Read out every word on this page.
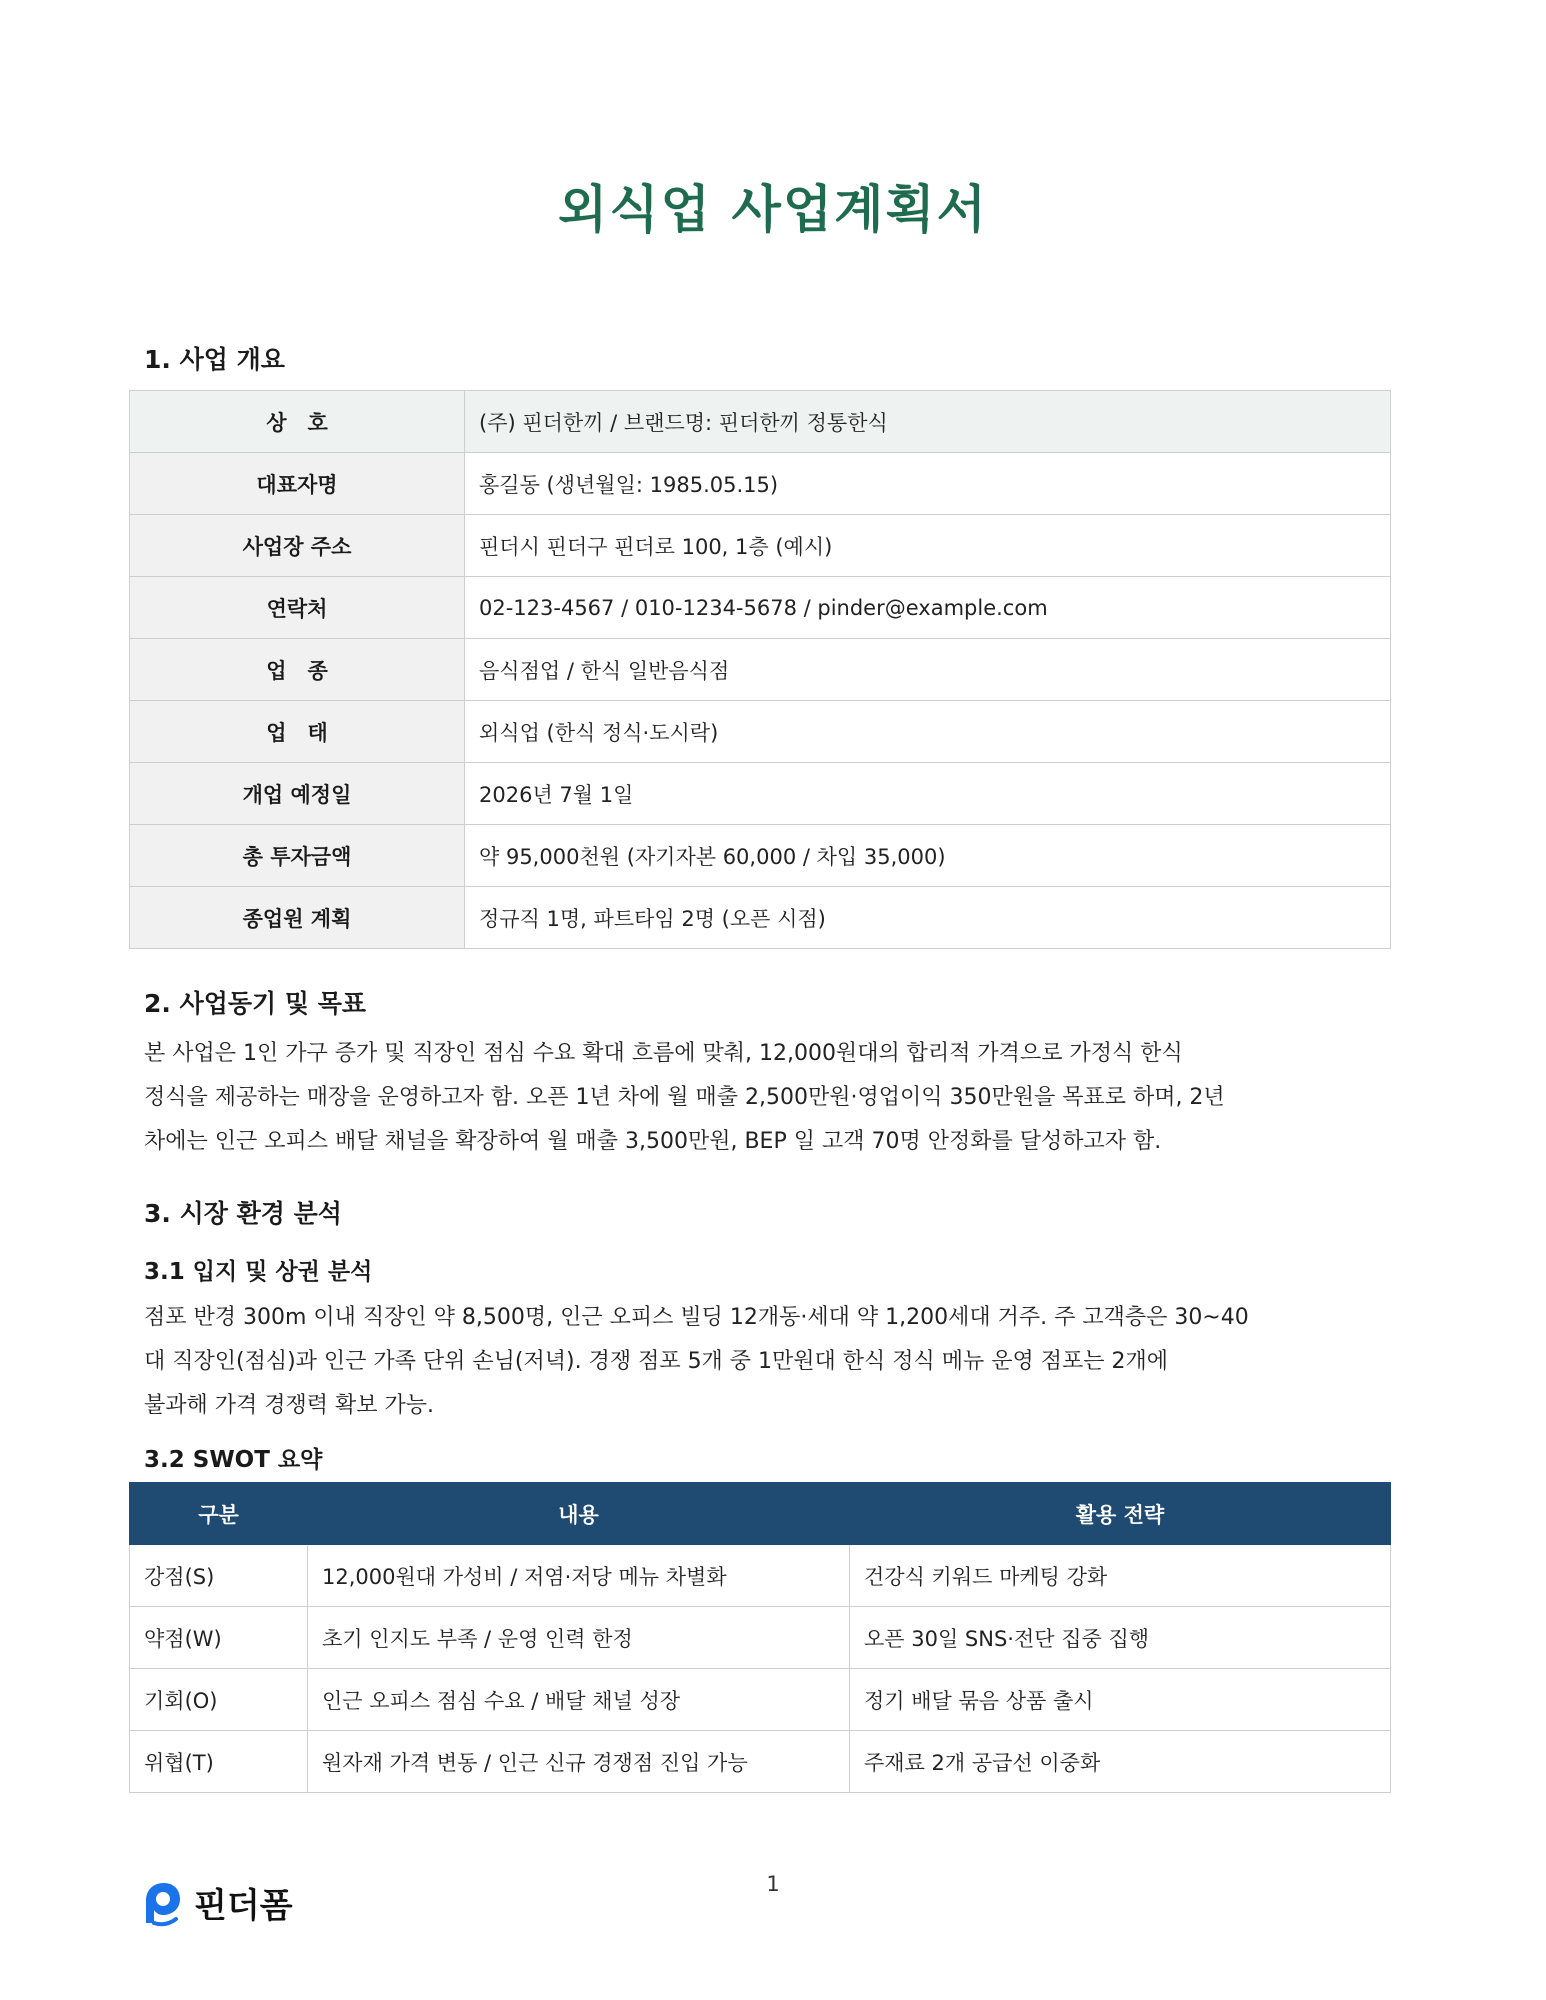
외식업 사업계획서
1. 사업 개요
상　호	(주) 핀더한끼 / 브랜드명: 핀더한끼 정통한식
대표자명	홍길동 (생년월일: 1985.05.15)
사업장 주소	핀더시 핀더구 핀더로 100, 1층 (예시)
연락처	02-123-4567 / 010-1234-5678 / pinder@example.com
업　종	음식점업 / 한식 일반음식점
업　태	외식업 (한식 정식·도시락)
개업 예정일	2026년 7월 1일
총 투자금액	약 95,000천원 (자기자본 60,000 / 차입 35,000)
종업원 계획	정규직 1명, 파트타임 2명 (오픈 시점)
2. 사업동기 및 목표
본 사업은 1인 가구 증가 및 직장인 점심 수요 확대 흐름에 맞춰, 12,000원대의 합리적 가격으로 가정식 한식
정식을 제공하는 매장을 운영하고자 함. 오픈 1년 차에 월 매출 2,500만원·영업이익 350만원을 목표로 하며, 2년
차에는 인근 오피스 배달 채널을 확장하여 월 매출 3,500만원, BEP 일 고객 70명 안정화를 달성하고자 함.
3. 시장 환경 분석
3.1 입지 및 상권 분석
점포 반경 300m 이내 직장인 약 8,500명, 인근 오피스 빌딩 12개동·세대 약 1,200세대 거주. 주 고객층은 30~40
대 직장인(점심)과 인근 가족 단위 손님(저녁). 경쟁 점포 5개 중 1만원대 한식 정식 메뉴 운영 점포는 2개에
불과해 가격 경쟁력 확보 가능.
3.2 SWOT 요약
구분	내용	활용 전략
강점(S)	12,000원대 가성비 / 저염·저당 메뉴 차별화	건강식 키워드 마케팅 강화
약점(W)	초기 인지도 부족 / 운영 인력 한정	오픈 30일 SNS·전단 집중 집행
기회(O)	인근 오피스 점심 수요 / 배달 채널 성장	정기 배달 묶음 상품 출시
위협(T)	원자재 가격 변동 / 인근 신규 경쟁점 진입 가능	주재료 2개 공급선 이중화
핀더폼
1
